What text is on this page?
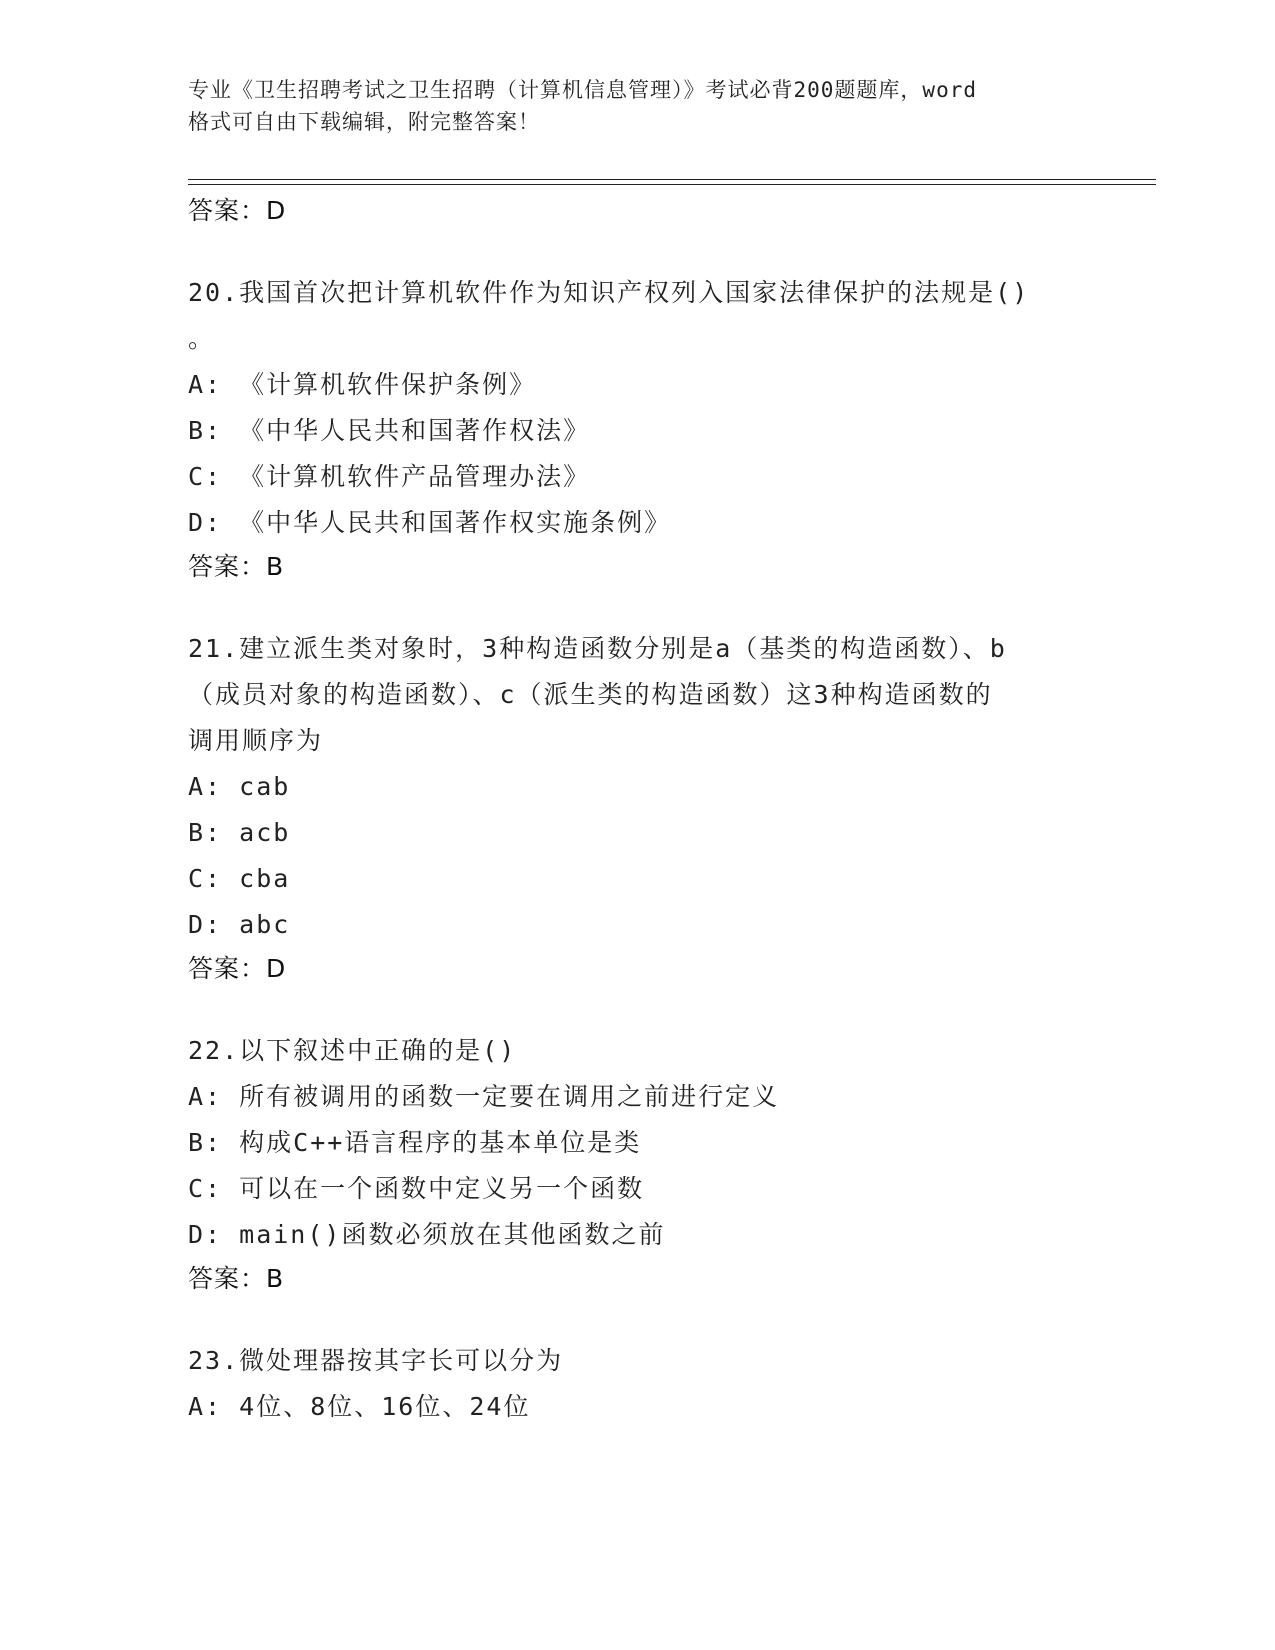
专业《卫生招聘考试之卫生招聘（计算机信息管理）》考试必背200题题库，word
格式可自由下载编辑，附完整答案！
答案：D
20.我国首次把计算机软件作为知识产权列入国家法律保护的法规是()
。
A: 《计算机软件保护条例》
B: 《中华人民共和国著作权法》
C: 《计算机软件产品管理办法》
D: 《中华人民共和国著作权实施条例》
答案：B
21.建立派生类对象时，3种构造函数分别是a（基类的构造函数）、b
（成员对象的构造函数）、c（派生类的构造函数）这3种构造函数的
调用顺序为
A: cab
B: acb
C: cba
D: abc
答案：D
22.以下叙述中正确的是()
A: 所有被调用的函数一定要在调用之前进行定义
B: 构成C++语言程序的基本单位是类
C: 可以在一个函数中定义另一个函数
D: main()函数必须放在其他函数之前
答案：B
23.微处理器按其字长可以分为
A: 4位、8位、16位、24位
